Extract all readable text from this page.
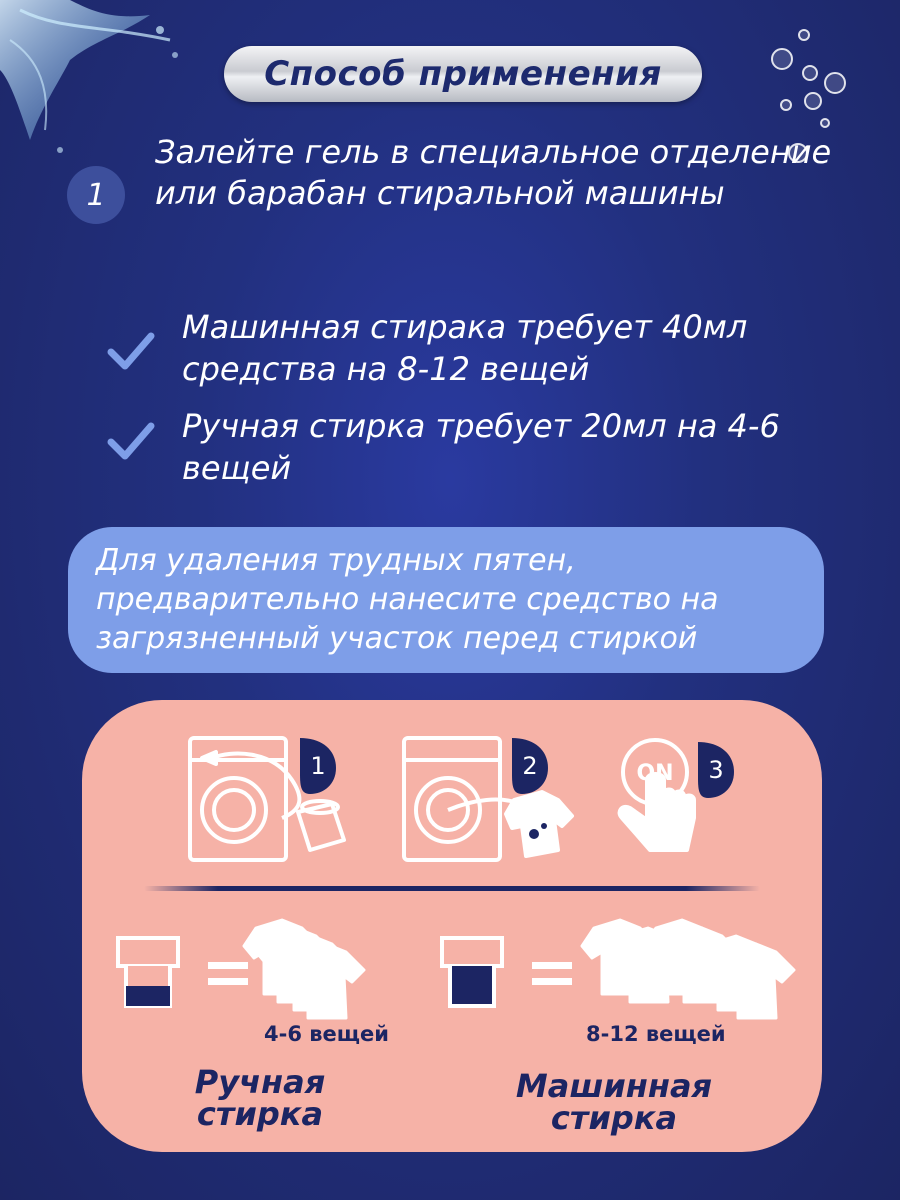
Способ применения
1
Залейте гель в специальное отделение или барабан стиральной машины
Машинная стирака требует 40мл средства на 8-12 вещей
Ручная стирка требует 20мл на 4-6 вещей
Для удаления трудных пятен, предварительно нанесите средство на загрязненный участок перед стиркой
1	2	ON 3
4-6 вещей	8-12 вещей
Ручная
стирка
Машинная
стирка
